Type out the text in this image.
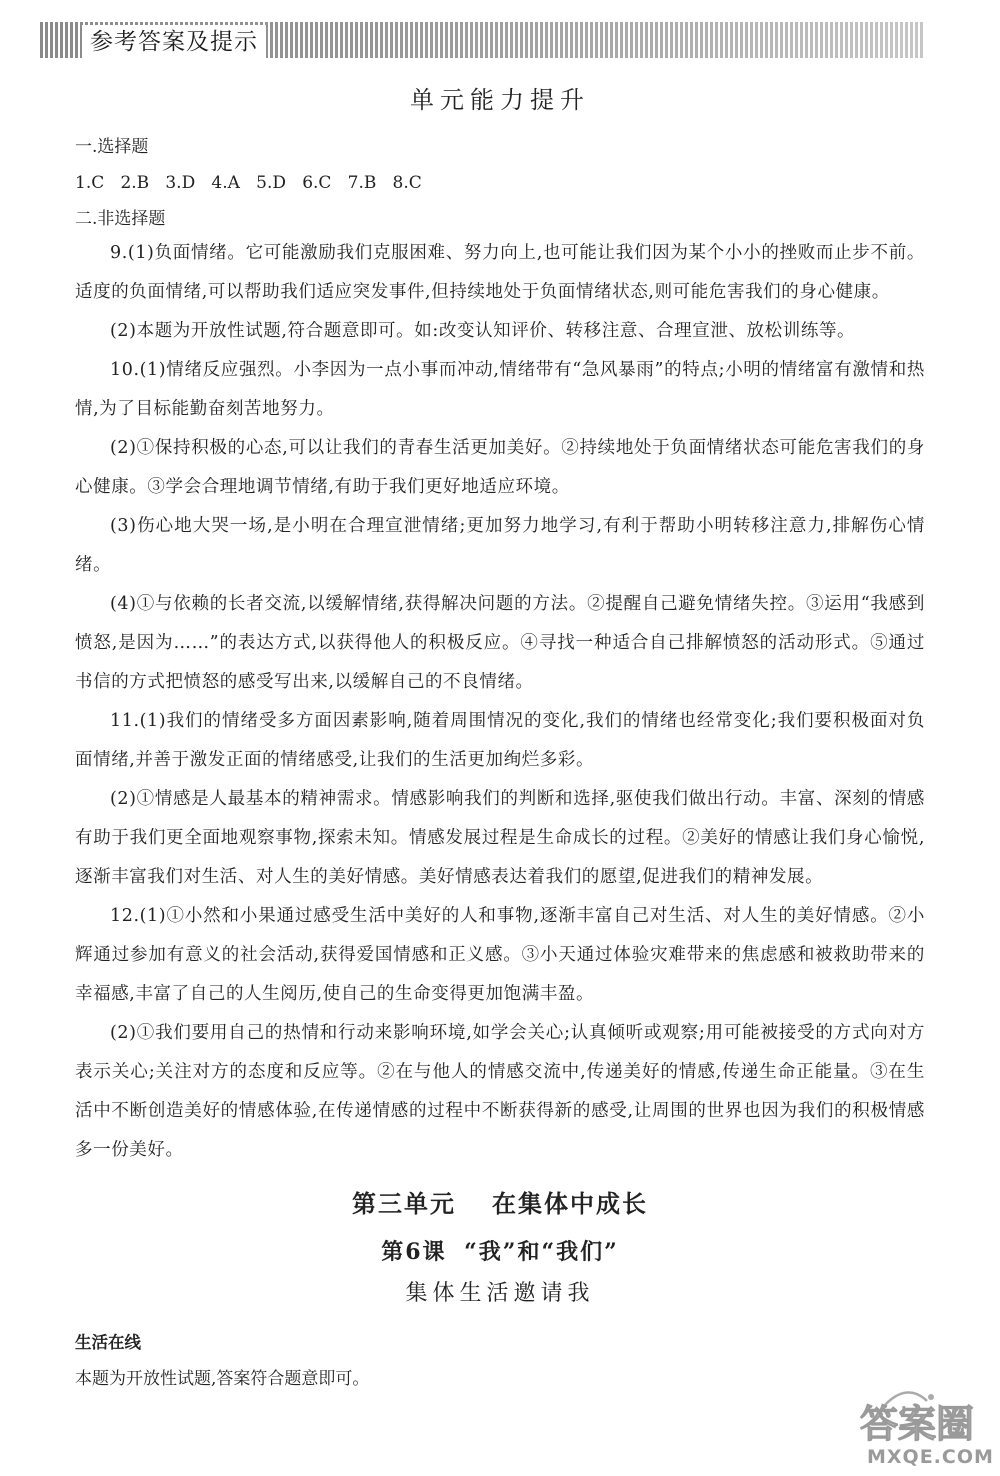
参考答案及提示

单元能力提升

一.选择题

1.C   2.B   3.D   4.A   5.D   6.C   7.B   8.C

二.非选择题

9.(1)负面情绪。它可能激励我们克服困难、努力向上,也可能让我们因为某个小小的挫败而止步不前。适度的负面情绪,可以帮助我们适应突发事件,但持续地处于负面情绪状态,则可能危害我们的身心健康。

(2)本题为开放性试题,符合题意即可。如:改变认知评价、转移注意、合理宣泄、放松训练等。

10.(1)情绪反应强烈。小李因为一点小事而冲动,情绪带有“急风暴雨”的特点;小明的情绪富有激情和热情,为了目标能勤奋刻苦地努力。

(2)①保持积极的心态,可以让我们的青春生活更加美好。②持续地处于负面情绪状态可能危害我们的身心健康。③学会合理地调节情绪,有助于我们更好地适应环境。

(3)伤心地大哭一场,是小明在合理宣泄情绪;更加努力地学习,有利于帮助小明转移注意力,排解伤心情绪。

(4)①与依赖的长者交流,以缓解情绪,获得解决问题的方法。②提醒自己避免情绪失控。③运用“我感到愤怒,是因为……”的表达方式,以获得他人的积极反应。④寻找一种适合自己排解愤怒的活动形式。⑤通过书信的方式把愤怒的感受写出来,以缓解自己的不良情绪。

11.(1)我们的情绪受多方面因素影响,随着周围情况的变化,我们的情绪也经常变化;我们要积极面对负面情绪,并善于激发正面的情绪感受,让我们的生活更加绚烂多彩。

(2)①情感是人最基本的精神需求。情感影响我们的判断和选择,驱使我们做出行动。丰富、深刻的情感有助于我们更全面地观察事物,探索未知。情感发展过程是生命成长的过程。②美好的情感让我们身心愉悦,逐渐丰富我们对生活、对人生的美好情感。美好情感表达着我们的愿望,促进我们的精神发展。

12.(1)①小然和小果通过感受生活中美好的人和事物,逐渐丰富自己对生活、对人生的美好情感。②小辉通过参加有意义的社会活动,获得爱国情感和正义感。③小天通过体验灾难带来的焦虑感和被救助带来的幸福感,丰富了自己的人生阅历,使自己的生命变得更加饱满丰盈。

(2)①我们要用自己的热情和行动来影响环境,如学会关心;认真倾听或观察;用可能被接受的方式向对方表示关心;关注对方的态度和反应等。②在与他人的情感交流中,传递美好的情感,传递生命正能量。③在生活中不断创造美好的情感体验,在传递情感的过程中不断获得新的感受,让周围的世界也因为我们的积极情感多一份美好。

第三单元 在集体中成长

第6课 “我”和“我们”

集体生活邀请我

生活在线

本题为开放性试题,答案符合题意即可。

答案圈
MXQE.COM
